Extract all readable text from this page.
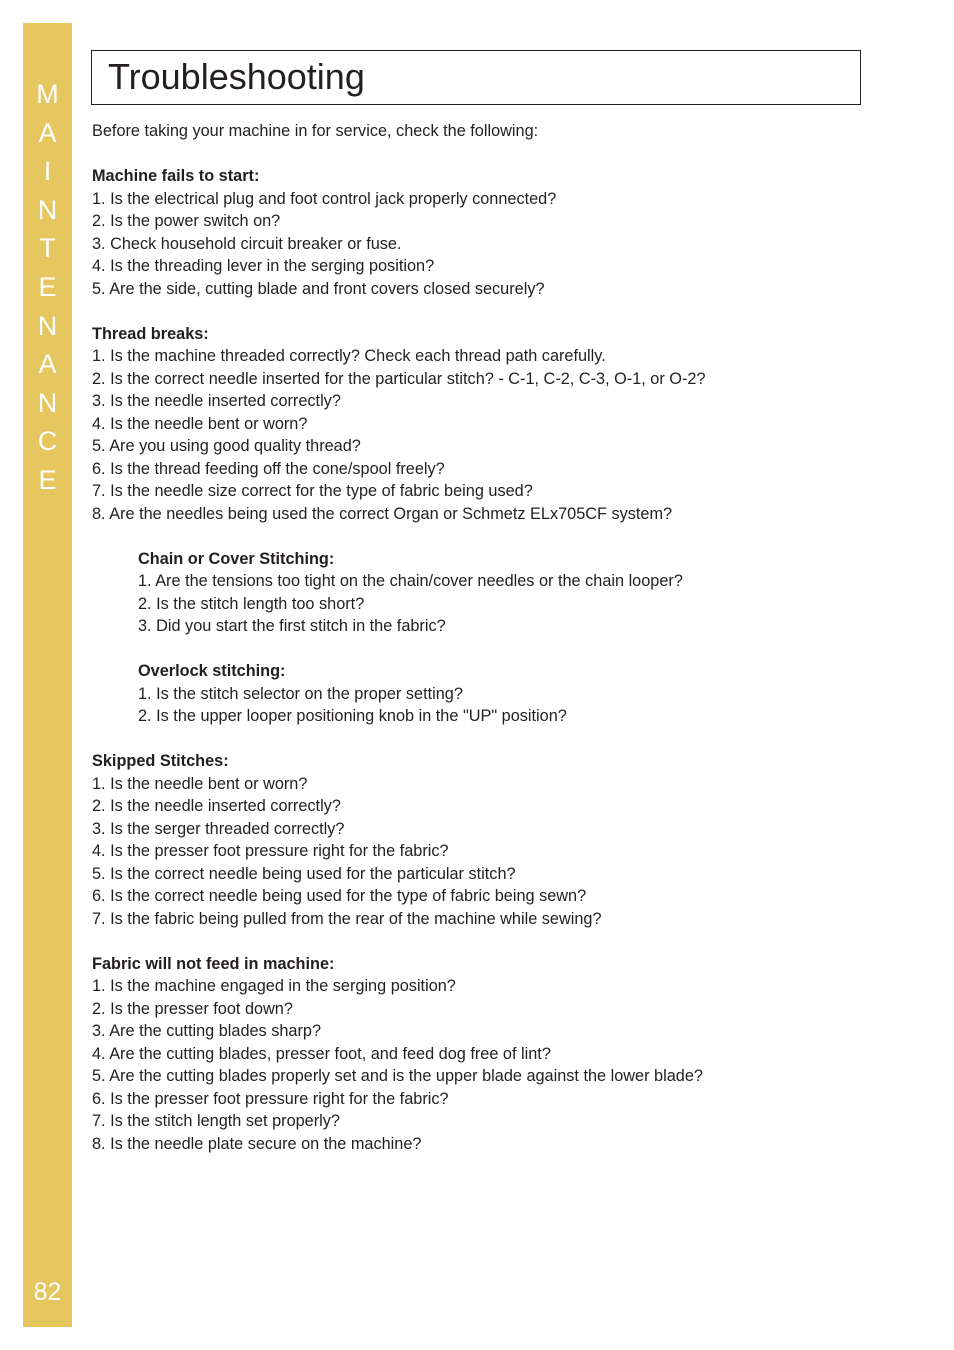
M
A
I
N
T
E
N
A
N
C
E
82
Troubleshooting

Before taking your machine in for service, check the following:

Machine fails to start:

1. Is the electrical plug and foot control jack properly connected?

2. Is the power switch on?

3. Check household circuit breaker or fuse.

4. Is the threading lever in the serging position?

5. Are the side, cutting blade and front covers closed securely?

Thread breaks:

1. Is the machine threaded correctly? Check each thread path carefully.

2. Is the correct needle inserted for the particular stitch? - C-1, C-2, C-3, O-1, or O-2?

3. Is the needle inserted correctly?

4. Is the needle bent or worn?

5. Are you using good quality thread?

6. Is the thread feeding off the cone/spool freely?

7. Is the needle size correct for the type of fabric being used?

8. Are the needles being used the correct Organ or Schmetz ELx705CF system?

Chain or Cover Stitching:

1. Are the tensions too tight on the chain/cover needles or the chain looper?

2. Is the stitch length too short?

3. Did you start the first stitch in the fabric?

Overlock stitching:

1. Is the stitch selector on the proper setting?

2. Is the upper looper positioning knob in the "UP" position?

Skipped Stitches:

1. Is the needle bent or worn?

2. Is the needle inserted correctly?

3. Is the serger threaded correctly?

4. Is the presser foot pressure right for the fabric?

5. Is the correct needle being used for the particular stitch?

6. Is the correct needle being used for the type of fabric being sewn?

7. Is the fabric being pulled from the rear of the machine while sewing?

Fabric will not feed in machine:

1. Is the machine engaged in the serging position?

2. Is the presser foot down?

3. Are the cutting blades sharp?

4. Are the cutting blades, presser foot, and feed dog free of lint?

5. Are the cutting blades properly set and is the upper blade against the lower blade?

6. Is the presser foot pressure right for the fabric?

7. Is the stitch length set properly?

8. Is the needle plate secure on the machine?
